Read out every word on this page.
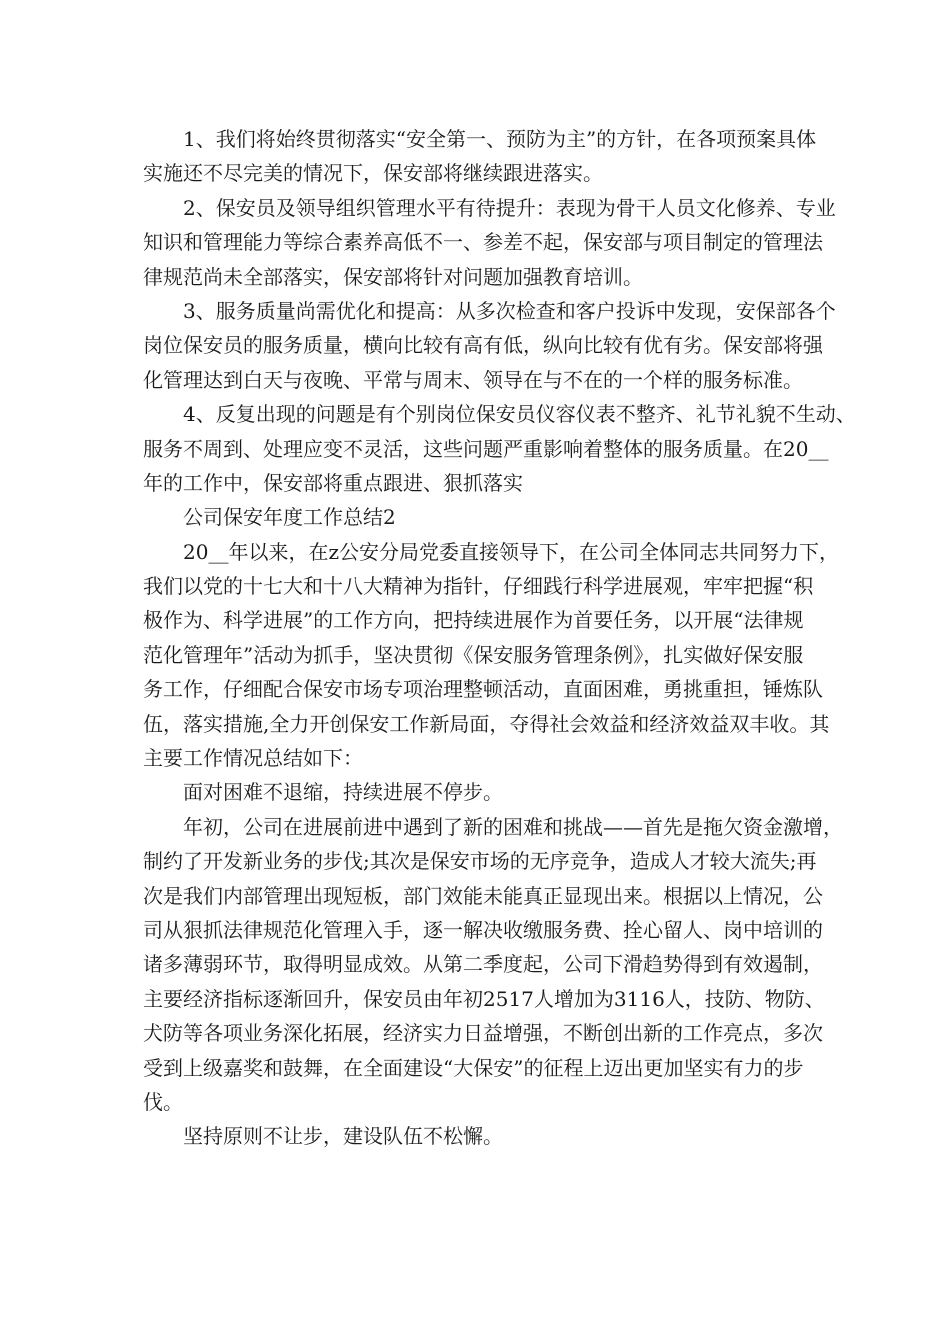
1、我们将始终贯彻落实“安全第一、预防为主”的方针，在各项预案具体
实施还不尽完美的情况下，保安部将继续跟进落实。
2、保安员及领导组织管理水平有待提升：表现为骨干人员文化修养、专业
知识和管理能力等综合素养高低不一、参差不起，保安部与项目制定的管理法
律规范尚未全部落实，保安部将针对问题加强教育培训。
3、服务质量尚需优化和提高：从多次检查和客户投诉中发现，安保部各个
岗位保安员的服务质量，横向比较有高有低，纵向比较有优有劣。保安部将强
化管理达到白天与夜晚、平常与周末、领导在与不在的一个样的服务标准。
4、反复出现的问题是有个别岗位保安员仪容仪表不整齐、礼节礼貌不生动、
服务不周到、处理应变不灵活，这些问题严重影响着整体的服务质量。在20__
年的工作中，保安部将重点跟进、狠抓落实
公司保安年度工作总结2
20__年以来，在z公安分局党委直接领导下，在公司全体同志共同努力下，
我们以党的十七大和十八大精神为指针，仔细践行科学进展观，牢牢把握“积
极作为、科学进展”的工作方向，把持续进展作为首要任务，以开展“法律规
范化管理年”活动为抓手，坚决贯彻《保安服务管理条例》，扎实做好保安服
务工作，仔细配合保安市场专项治理整顿活动，直面困难，勇挑重担，锤炼队
伍，落实措施,全力开创保安工作新局面，夺得社会效益和经济效益双丰收。其
主要工作情况总结如下：
面对困难不退缩，持续进展不停步。
年初，公司在进展前进中遇到了新的困难和挑战——首先是拖欠资金激增，
制约了开发新业务的步伐;其次是保安市场的无序竞争，造成人才较大流失;再
次是我们内部管理出现短板，部门效能未能真正显现出来。根据以上情况，公
司从狠抓法律规范化管理入手，逐一解决收缴服务费、拴心留人、岗中培训的
诸多薄弱环节，取得明显成效。从第二季度起，公司下滑趋势得到有效遏制，
主要经济指标逐渐回升，保安员由年初2517人增加为3116人，技防、物防、
犬防等各项业务深化拓展，经济实力日益增强，不断创出新的工作亮点，多次
受到上级嘉奖和鼓舞，在全面建设“大保安”的征程上迈出更加坚实有力的步
伐。
坚持原则不让步，建设队伍不松懈。
